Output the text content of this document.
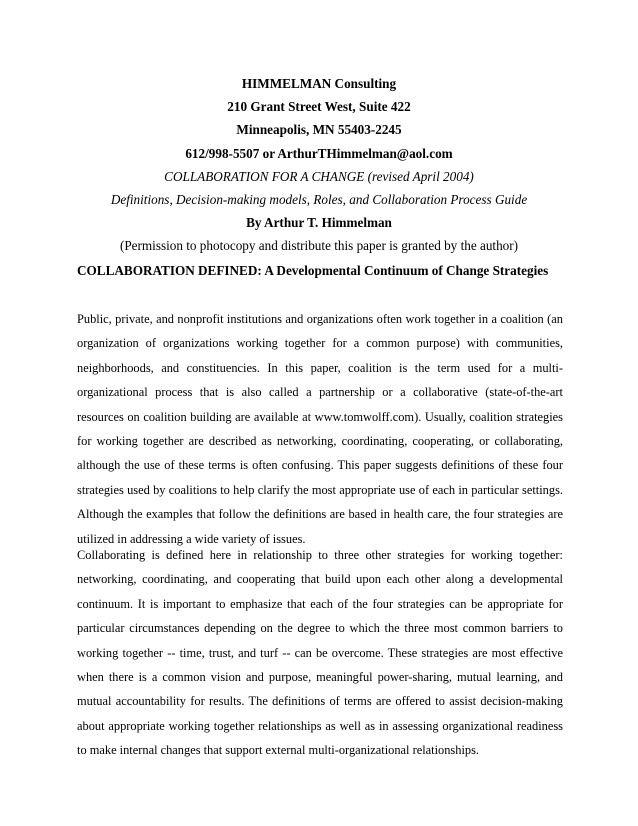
HIMMELMAN Consulting
210 Grant Street West, Suite 422
Minneapolis, MN 55403-2245
612/998-5507 or ArthurTHimmelman@aol.com
COLLABORATION FOR A CHANGE (revised April 2004)
Definitions, Decision-making models, Roles, and Collaboration Process Guide
By Arthur T. Himmelman
(Permission to photocopy and distribute this paper is granted by the author)
COLLABORATION DEFINED: A Developmental Continuum of Change Strategies

Public, private, and nonprofit institutions and organizations often work together in a coalition (an organization of organizations working together for a common purpose) with communities, neighborhoods, and constituencies. In this paper, coalition is the term used for a multi-organizational process that is also called a partnership or a collaborative (state-of-the-art resources on coalition building are available at www.tomwolff.com). Usually, coalition strategies for working together are described as networking, coordinating, cooperating, or collaborating, although the use of these terms is often confusing. This paper suggests definitions of these four strategies used by coalitions to help clarify the most appropriate use of each in particular settings. Although the examples that follow the definitions are based in health care, the four strategies are utilized in addressing a wide variety of issues.

Collaborating is defined here in relationship to three other strategies for working together: networking, coordinating, and cooperating that build upon each other along a developmental continuum. It is important to emphasize that each of the four strategies can be appropriate for particular circumstances depending on the degree to which the three most common barriers to working together -- time, trust, and turf -- can be overcome. These strategies are most effective when there is a common vision and purpose, meaningful power-sharing, mutual learning, and mutual accountability for results. The definitions of terms are offered to assist decision-making about appropriate working together relationships as well as in assessing organizational readiness to make internal changes that support external multi-organizational relationships.
